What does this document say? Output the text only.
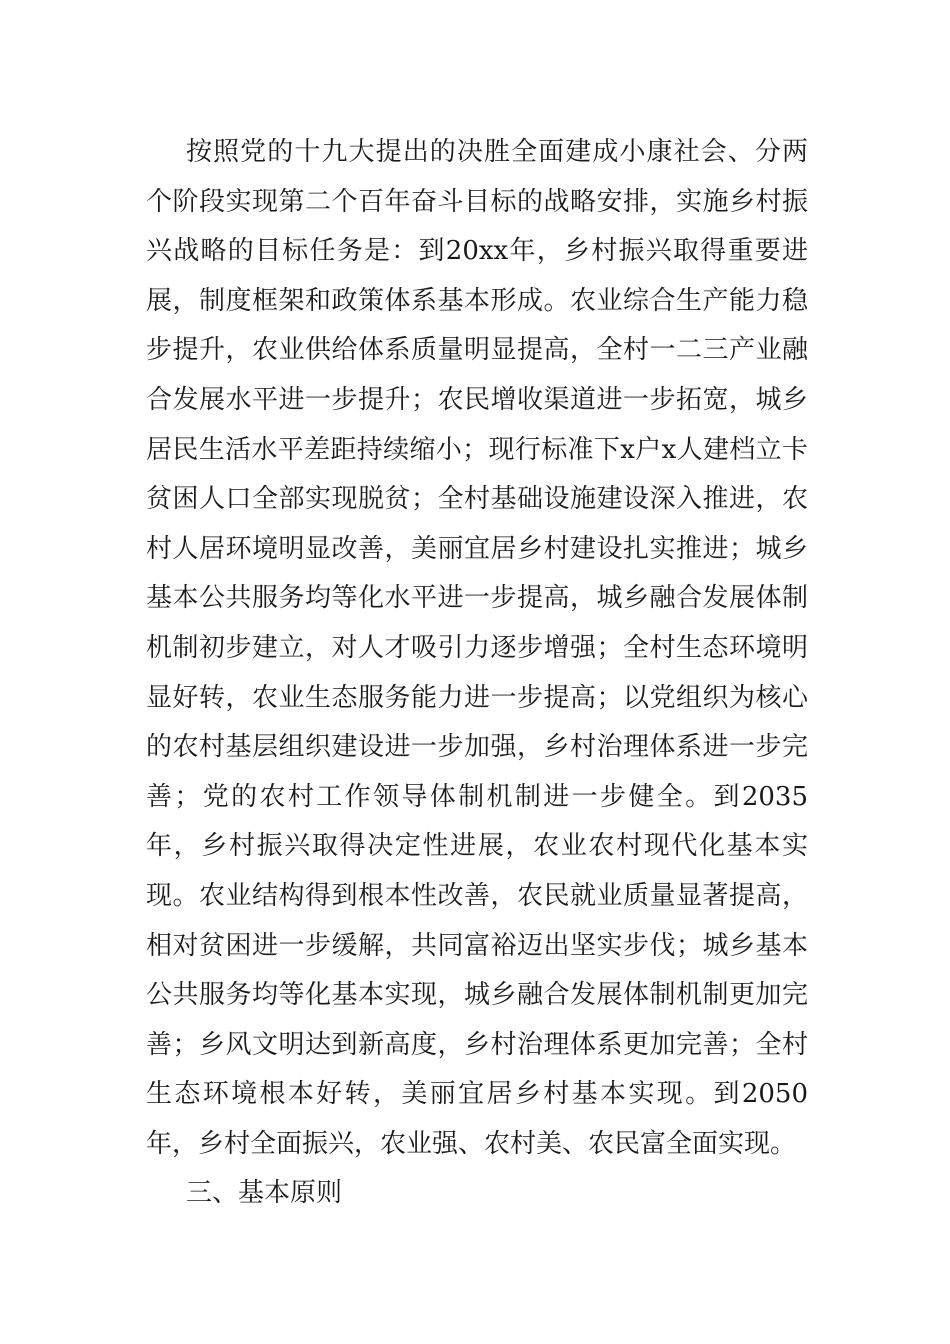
按照党的十九大提出的决胜全面建成小康社会、分两个阶段实现第二个百年奋斗目标的战略安排，实施乡村振兴战略的目标任务是：到20xx年，乡村振兴取得重要进展，制度框架和政策体系基本形成。农业综合生产能力稳步提升，农业供给体系质量明显提高，全村一二三产业融合发展水平进一步提升；农民增收渠道进一步拓宽，城乡居民生活水平差距持续缩小；现行标准下x户x人建档立卡贫困人口全部实现脱贫；全村基础设施建设深入推进，农村人居环境明显改善，美丽宜居乡村建设扎实推进；城乡基本公共服务均等化水平进一步提高，城乡融合发展体制机制初步建立，对人才吸引力逐步增强；全村生态环境明显好转，农业生态服务能力进一步提高；以党组织为核心的农村基层组织建设进一步加强，乡村治理体系进一步完善；党的农村工作领导体制机制进一步健全。到2035年，乡村振兴取得决定性进展，农业农村现代化基本实现。农业结构得到根本性改善，农民就业质量显著提高，相对贫困进一步缓解，共同富裕迈出坚实步伐；城乡基本公共服务均等化基本实现，城乡融合发展体制机制更加完善；乡风文明达到新高度，乡村治理体系更加完善；全村生态环境根本好转，美丽宜居乡村基本实现。到2050年，乡村全面振兴，农业强、农村美、农民富全面实现。

三、基本原则
